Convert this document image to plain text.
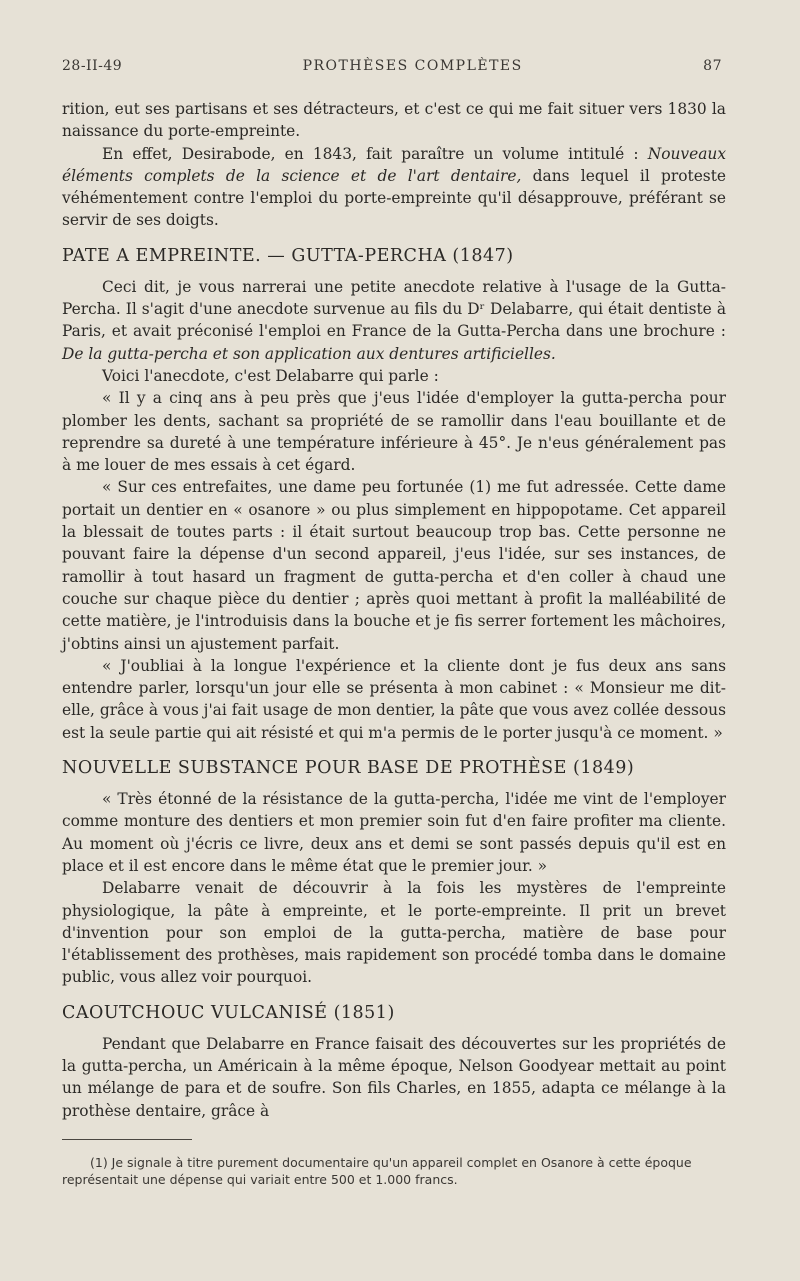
28-II-49	PROTHÈSES COMPLÈTES	87

rition, eut ses partisans et ses détracteurs, et c'est ce qui me fait situer vers 1830 la naissance du porte-empreinte.

En effet, Desirabode, en 1843, fait paraître un volume intitulé : Nouveaux éléments complets de la science et de l'art dentaire, dans lequel il proteste véhémentement contre l'emploi du porte-empreinte qu'il désapprouve, préférant se servir de ses doigts.

PATE A EMPREINTE. — GUTTA-PERCHA (1847)

Ceci dit, je vous narrerai une petite anecdote relative à l'usage de la Gutta-Percha. Il s'agit d'une anecdote survenue au fils du Dʳ Delabarre, qui était dentiste à Paris, et avait préconisé l'emploi en France de la Gutta-Percha dans une brochure : De la gutta-percha et son application aux dentures artificielles.

Voici l'anecdote, c'est Delabarre qui parle :

« Il y a cinq ans à peu près que j'eus l'idée d'employer la gutta-percha pour plomber les dents, sachant sa propriété de se ramollir dans l'eau bouillante et de reprendre sa dureté à une température inférieure à 45°. Je n'eus généralement pas à me louer de mes essais à cet égard.

« Sur ces entrefaites, une dame peu fortunée (1) me fut adressée. Cette dame portait un dentier en « osanore » ou plus simplement en hippopotame. Cet appareil la blessait de toutes parts : il était surtout beaucoup trop bas. Cette personne ne pouvant faire la dépense d'un second appareil, j'eus l'idée, sur ses instances, de ramollir à tout hasard un fragment de gutta-percha et d'en coller à chaud une couche sur chaque pièce du dentier ; après quoi mettant à profit la malléabilité de cette matière, je l'introduisis dans la bouche et je fis serrer fortement les mâchoires, j'obtins ainsi un ajustement parfait.

« J'oubliai à la longue l'expérience et la cliente dont je fus deux ans sans entendre parler, lorsqu'un jour elle se présenta à mon cabinet : « Monsieur me dit-elle, grâce à vous j'ai fait usage de mon dentier, la pâte que vous avez collée dessous est la seule partie qui ait résisté et qui m'a permis de le porter jusqu'à ce moment. »

NOUVELLE SUBSTANCE POUR BASE DE PROTHÈSE (1849)

« Très étonné de la résistance de la gutta-percha, l'idée me vint de l'employer comme monture des dentiers et mon premier soin fut d'en faire profiter ma cliente. Au moment où j'écris ce livre, deux ans et demi se sont passés depuis qu'il est en place et il est encore dans le même état que le premier jour. »

Delabarre venait de découvrir à la fois les mystères de l'empreinte physiologique, la pâte à empreinte, et le porte-empreinte. Il prit un brevet d'invention pour son emploi de la gutta-percha, matière de base pour l'établissement des prothèses, mais rapidement son procédé tomba dans le domaine public, vous allez voir pourquoi.

CAOUTCHOUC VULCANISÉ (1851)

Pendant que Delabarre en France faisait des découvertes sur les propriétés de la gutta-percha, un Américain à la même époque, Nelson Goodyear mettait au point un mélange de para et de soufre. Son fils Charles, en 1855, adapta ce mélange à la prothèse dentaire, grâce à

(1) Je signale à titre purement documentaire qu'un appareil complet en Osanore à cette époque représentait une dépense qui variait entre 500 et 1.000 francs.
